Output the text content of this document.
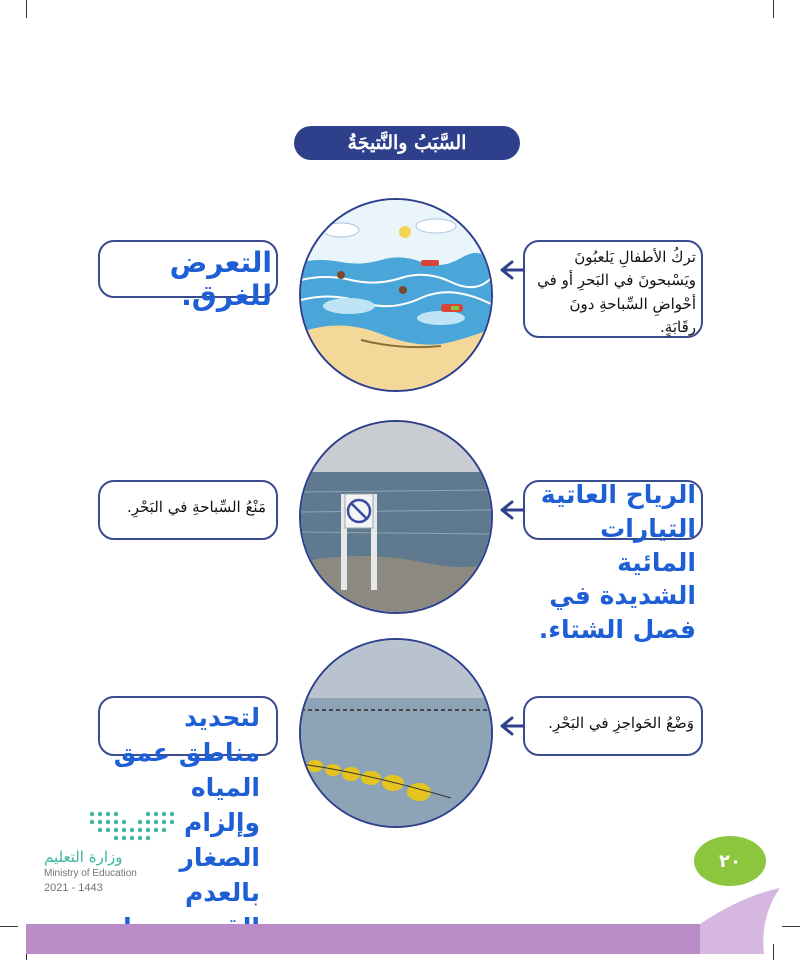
السَّبَبُ والنَّتيجَةُ
تركُ الأطفالِ يَلعبُونَ ويَسْبحونَ في البَحرِ أو في أحْواضِ السِّباحةِ دونَ رقَابَةٍ.
التعرض للغرق.
الرياح العاتية التيارات المائية الشديدة في فصل الشتاء.
مَنْعُ السِّباحةِ في البَحْرِ.
وَضْعُ الحَواجزِ في البَحْرِ.
لتحديد مناطق عمق المياه وإلزام الصغار بالعدم
وزارة التعليم
Ministry of Education
2021 - 1443
٢٠
